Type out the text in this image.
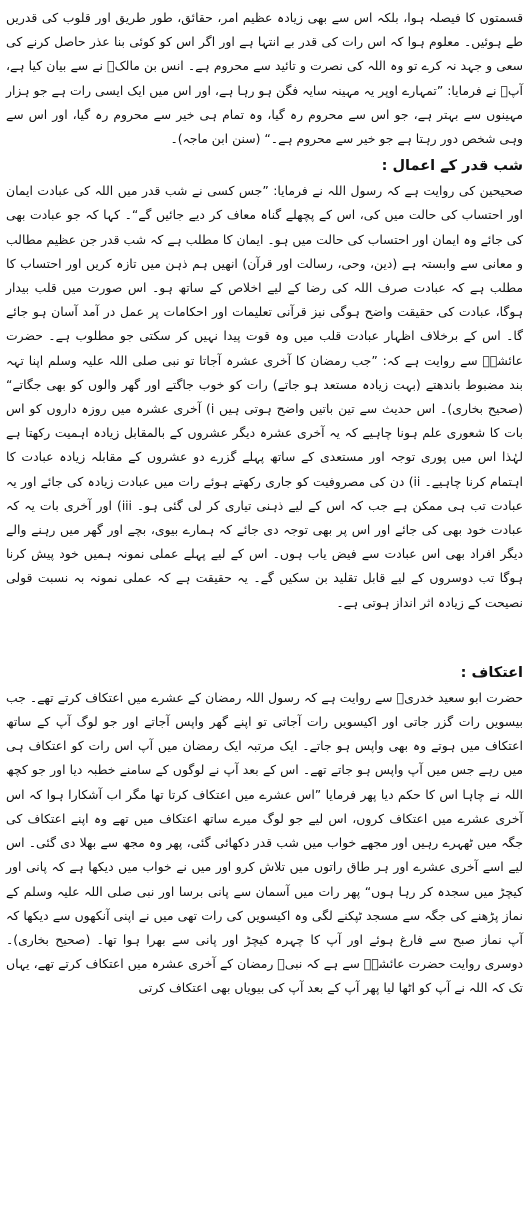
قسمتوں کا فیصلہ ہوا، بلکہ اس سے بھی زیادہ عظیم امر، حقائق، طور طریق اور قلوب کی قدریں طے ہوئیں۔ معلوم ہوا کہ اس رات کی قدر بے انتہا ہے اور اگر اس کو کوئی بنا عذر حاصل کرنے کی سعی و جہد نہ کرے تو وہ اللہ کی نصرت و تائید سے محروم ہے۔ انس بن مالکؓ نے سے بیان کیا ہے، آپؐ نے فرمایا: ”تمہارے اوپر یہ مہینہ سایہ فگن ہو رہا ہے، اور اس میں ایک ایسی رات ہے جو ہزار مہینوں سے بہتر ہے، جو اس سے محروم رہ گیا، وہ تمام ہی خیر سے محروم رہ گیا، اور اس سے وہی شخص دور رہتا ہے جو خیر سے محروم ہے۔“ (سنن ابن ماجہ)۔

شب قدر کے اعمال :

صحیحین کی روایت ہے کہ رسول اللہ نے فرمایا: ”جس کسی نے شب قدر میں اللہ کی عبادت ایمان اور احتساب کی حالت میں کی، اس کے پچھلے گناہ معاف کر دیے جائیں گے“۔ کہا کہ جو عبادت بھی کی جائے وہ ایمان اور احتساب کی حالت میں ہو۔ ایمان کا مطلب ہے کہ شب قدر جن عظیم مطالب و معانی سے وابستہ ہے (دین، وحی، رسالت اور قرآن) انھیں ہم ذہن میں تازہ کریں اور احتساب کا مطلب ہے کہ عبادت صرف اللہ کی رضا کے لیے اخلاص کے ساتھ ہو۔ اس صورت میں قلب بیدار ہوگا، عبادت کی حقیقت واضح ہوگی نیز قرآنی تعلیمات اور احکامات پر عمل در آمد آسان ہو جائے گا۔ اس کے برخلاف اظہار عبادت قلب میں وہ قوت پیدا نہیں کر سکتی جو مطلوب ہے۔ حضرت عائشہؓ سے روایت ہے کہ: ”جب رمضان کا آخری عشرہ آجاتا تو نبی صلی اللہ علیہ وسلم اپنا تہہ بند مضبوط باندھتے (بہت زیادہ مستعد ہو جاتے) رات کو خوب جاگتے اور گھر والوں کو بھی جگاتے“ (صحیح بخاری)۔ اس حدیث سے تین باتیں واضح ہوتی ہیں i) آخری عشرہ میں روزہ داروں کو اس بات کا شعوری علم ہونا چاہیے کہ یہ آخری عشرہ دیگر عشروں کے بالمقابل زیادہ اہمیت رکھتا ہے لہٰذا اس میں پوری توجہ اور مستعدی کے ساتھ پہلے گزرے دو عشروں کے مقابلہ زیادہ عبادت کا اہتمام کرنا چاہیے۔ ii) دن کی مصروفیت کو جاری رکھتے ہوئے رات میں عبادت زیادہ کی جائے اور یہ عبادت تب ہی ممکن ہے جب کہ اس کے لیے ذہنی تیاری کر لی گئی ہو۔ iii) اور آخری بات یہ کہ عبادت خود بھی کی جائے اور اس پر بھی توجہ دی جائے کہ ہمارے بیوی، بچے اور گھر میں رہنے والے دیگر افراد بھی اس عبادت سے فیض یاب ہوں۔ اس کے لیے پہلے عملی نمونہ ہمیں خود پیش کرنا ہوگا تب دوسروں کے لیے قابل تقلید بن سکیں گے۔ یہ حقیقت ہے کہ عملی نمونہ بہ نسبت قولی نصیحت کے زیادہ اثر انداز ہوتی ہے۔

اعتکاف :

حضرت ابو سعید خدریؓ سے روایت ہے کہ رسول اللہ رمضان کے عشرے میں اعتکاف کرتے تھے۔ جب بیسویں رات گزر جاتی اور اکیسویں رات آجاتی تو اپنے گھر واپس آجاتے اور جو لوگ آپ کے ساتھ اعتکاف میں ہوتے وہ بھی واپس ہو جاتے۔ ایک مرتبہ ایک رمضان میں آپ اس رات کو اعتکاف ہی میں رہے جس میں آپ واپس ہو جاتے تھے۔ اس کے بعد آپ نے لوگوں کے سامنے خطبہ دیا اور جو کچھ اللہ نے چاہا اس کا حکم دیا پھر فرمایا ”اس عشرے میں اعتکاف کرتا تھا مگر اب آشکارا ہوا کہ اس آخری عشرے میں اعتکاف کروں، اس لیے جو لوگ میرے ساتھ اعتکاف میں تھے وہ اپنے اعتکاف کی جگہ میں ٹھہرے رہیں اور مجھے خواب میں شب قدر دکھائی گئی، پھر وہ مجھ سے بھلا دی گئی۔ اس لیے اسے آخری عشرے اور ہر طاق راتوں میں تلاش کرو اور میں نے خواب میں دیکھا ہے کہ پانی اور کیچڑ میں سجدہ کر رہا ہوں“ پھر رات میں آسمان سے پانی برسا اور نبی صلی اللہ علیہ وسلم کے نماز پڑھنے کی جگہ سے مسجد ٹپکنے لگی وہ اکیسویں کی رات تھی میں نے اپنی آنکھوں سے دیکھا کہ آپ نماز صبح سے فارغ ہوئے اور آپ کا چہرہ کیچڑ اور پانی سے بھرا ہوا تھا۔ (صحیح بخاری)۔ دوسری روایت حضرت عائشہؓ سے ہے کہ نبیؐ رمضان کے آخری عشرہ میں اعتکاف کرتے تھے، یہاں تک کہ اللہ نے آپ کو اٹھا لیا پھر آپ کے بعد آپ کی بیویاں بھی اعتکاف کرتی
